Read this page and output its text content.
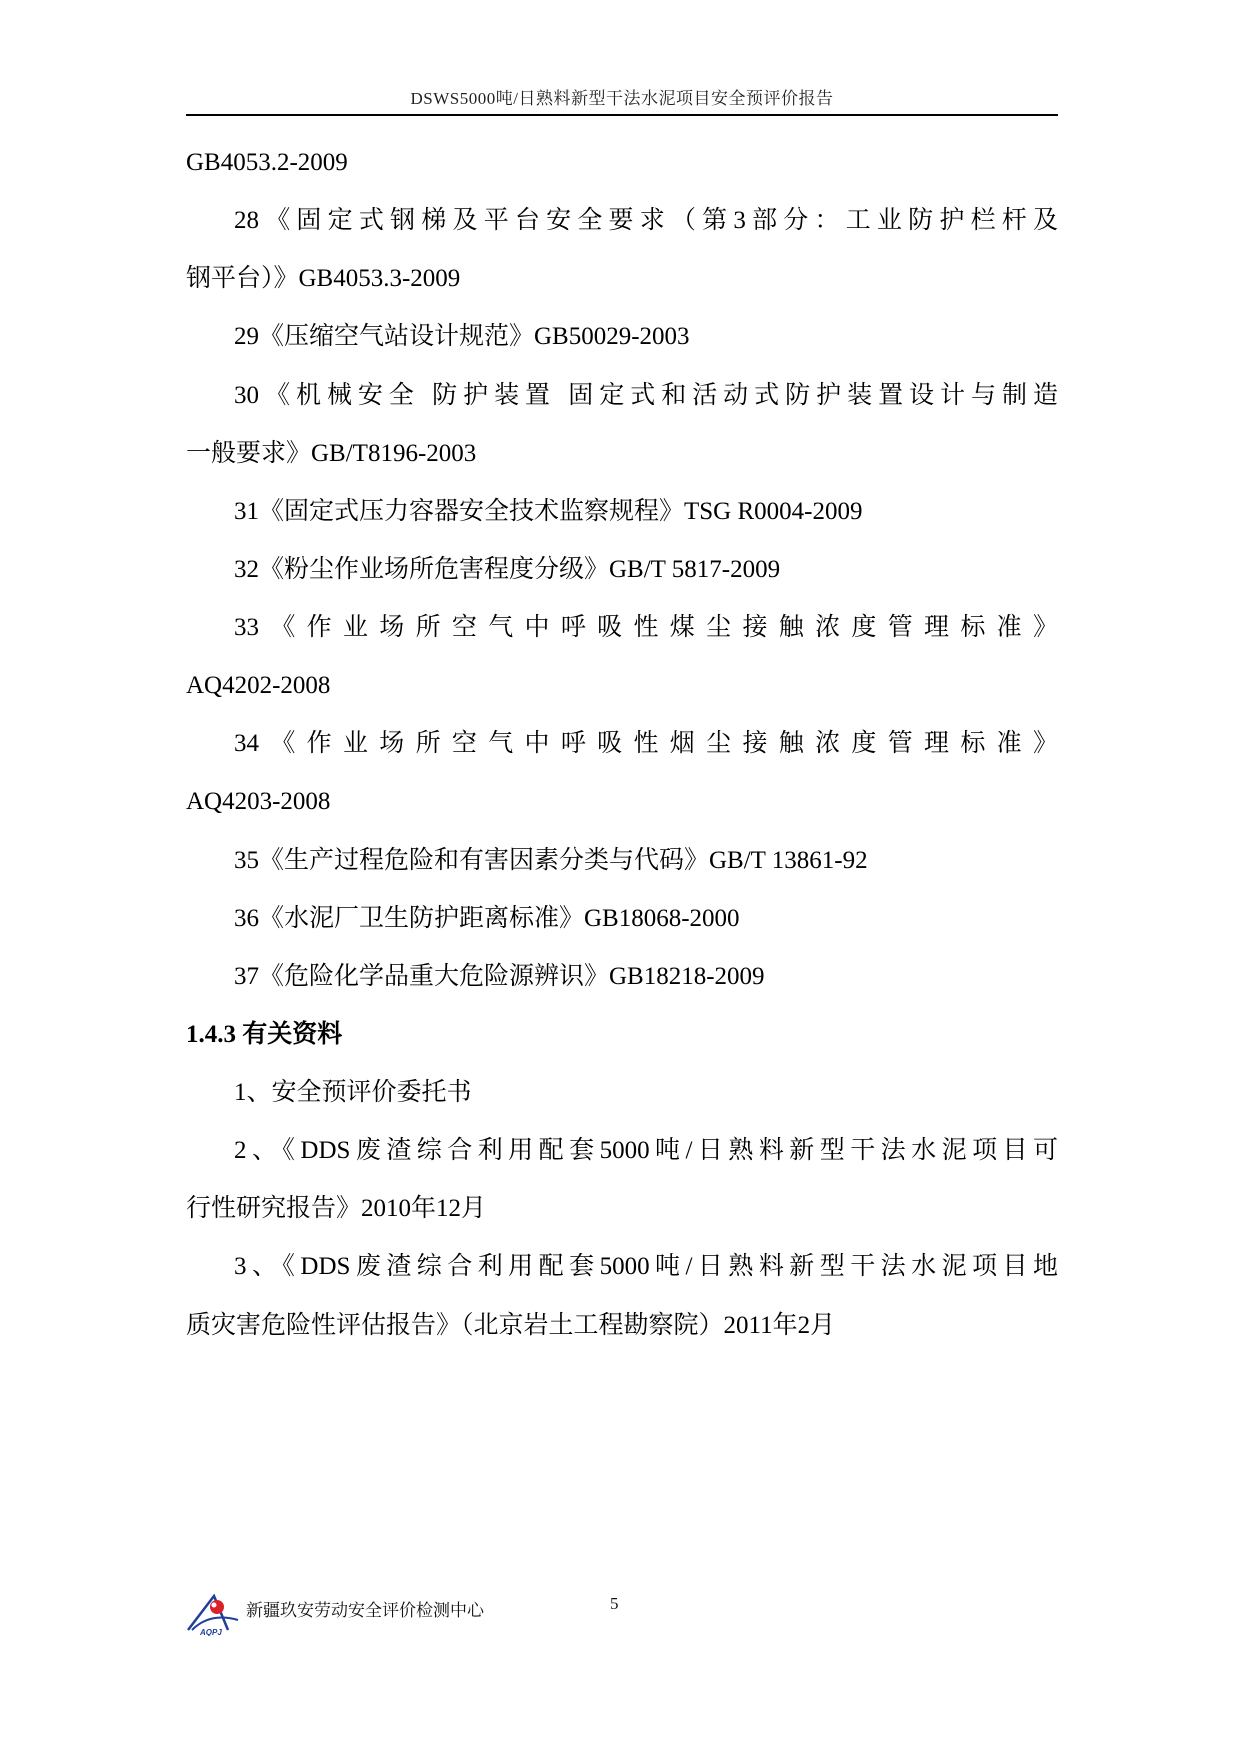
DSWS5000吨/日熟料新型干法水泥项目安全预评价报告
GB4053.2-2009
28《固定式钢梯及平台安全要求（第3部分：工业防护栏杆及
钢平台）》GB4053.3-2009
29《压缩空气站设计规范》GB50029-2003
30《机械安全 防护装置 固定式和活动式防护装置设计与制造
一般要求》GB/T8196-2003
31《固定式压力容器安全技术监察规程》TSG R0004-2009
32《粉尘作业场所危害程度分级》GB/T 5817-2009
33《作业场所空气中呼吸性煤尘接触浓度管理标准》
AQ4202-2008
34《作业场所空气中呼吸性烟尘接触浓度管理标准》
AQ4203-2008
35《生产过程危险和有害因素分类与代码》GB/T 13861-92
36《水泥厂卫生防护距离标准》GB18068-2000
37《危险化学品重大危险源辨识》GB18218-2009
1.4.3 有关资料
1、安全预评价委托书
2、《DDS废渣综合利用配套5000吨/日熟料新型干法水泥项目可
行性研究报告》2010年12月
3、《DDS废渣综合利用配套5000吨/日熟料新型干法水泥项目地
质灾害危险性评估报告》（北京岩土工程勘察院）2011年2月
AQPJ
新疆玖安劳动安全评价检测中心	5
